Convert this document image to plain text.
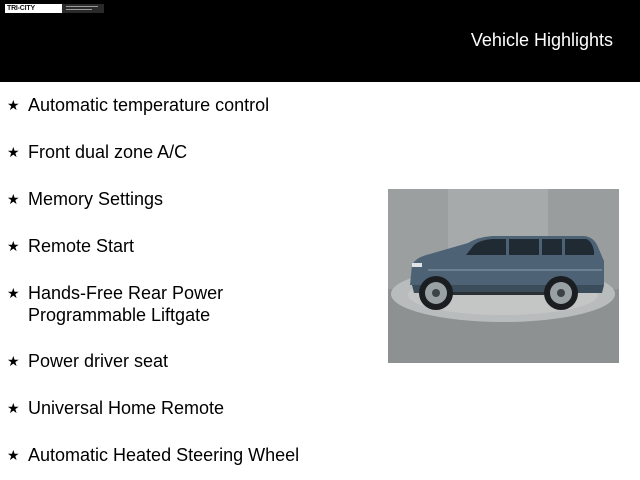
TRI-CITY
Vehicle Highlights
★ Automatic temperature control
★ Front dual zone A/C
★ Memory Settings
★ Remote Start
★ Hands-Free Rear Power Programmable Liftgate
★ Power driver seat
★ Universal Home Remote
★ Automatic Heated Steering Wheel
